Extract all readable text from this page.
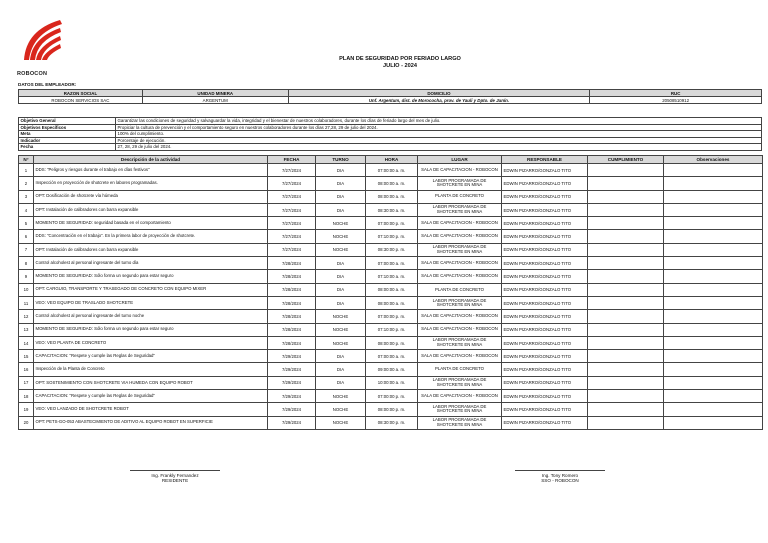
ROBOCON
PLAN DE SEGURIDAD POR FERIADO LARGO
JULIO - 2024
DATOS DEL EMPLEADOR:
RAZON SOCIAL	UNIDAD MINERA	DOMICILIO	RUC
ROBOCON SERVICIOS SAC	ARGENTUM	Unf. Argentum, dist. de Morococha, prov. de Yauli y Dpto. de Junín.	20508510912
Objetivo General	Garantizar las condiciones de seguridad y salvaguardar la vida, integridad y el bienestar de nuestros colaboradores, durante los días de feriado largo del mes de julio.
Objetivos Específicos	Propiciar la cultura de prevención y el comportamiento seguro en nuestros colaboradores durante los días 27,28, 29 de julio del 2024.
Meta	100% del cumplimiento.
Indicador	Porcentaje de ejecución.
Fecha	27, 28, 29 de julio del 2024.
N°	Descripción de la actividad	FECHA	TURNO	HORA	LUGAR	RESPONSABLE	CUMPLIMIENTO	Observaciones
1	DDS: "Peligros y riesgos durante el trabajo en días festivos"	7/27/2024	DIA	07:00:00 a. m.	SALA DE CAPACITACION - ROBOCON	EDWIN PIZARRO/GONZALO TITO		
2	Inspección en proyección de shotcrete en labores programadas.	7/27/2024	DIA	08:00:00 a. m.	LABOR PROGRAMADA DE SHOTCRETE EN MINA	EDWIN PIZARRO/GONZALO TITO		
3	OPT: Dosificación de shotcrete vía húmeda	7/27/2024	DIA	08:00:00 a. m.	PLANTA DE CONCRETO	EDWIN PIZARRO/GONZALO TITO		
4	OPT: Instalación de calibradores con barra expansible	7/27/2024	DIA	08:30:00 a. m.	LABOR PROGRAMADA DE SHOTCRETE EN MINA	EDWIN PIZARRO/GONZALO TITO		
5	MOMENTO DE SEGURIDAD: seguridad basada en el comportamiento	7/27/2024	NOCHE	07:00:00 p. m.	SALA DE CAPACITACION - ROBOCON	EDWIN PIZARRO/GONZALO TITO		
6	DDS: "Concentración en el trabajo". En la primera labor de proyección de shotcrete.	7/27/2024	NOCHE	07:10:00 p. m.	SALA DE CAPACITACION - ROBOCON	EDWIN PIZARRO/GONZALO TITO		
7	OPT: Instalación de calibradores con barra expansible	7/27/2024	NOCHE	08:30:00 p. m.	LABOR PROGRAMADA DE SHOTCRETE EN MINA	EDWIN PIZARRO/GONZALO TITO		
8	Control alcoholest al personal ingresante del turno día	7/28/2024	DIA	07:00:00 a. m.	SALA DE CAPACITACION - ROBOCON	EDWIN PIZARRO/GONZALO TITO		
9	MOMENTO DE SEGURIDAD: Sólo forma un segundo para estar seguro	7/28/2024	DIA	07:10:00 a. m.	SALA DE CAPACITACION - ROBOCON	EDWIN PIZARRO/GONZALO TITO		
10	OPT: CARGUIO, TRANSPORTE Y TRASEGADO DE CONCRETO CON EQUIPO MIXER	7/28/2024	DIA	08:00:00 a. m.	PLANTA DE CONCRETO	EDWIN PIZARRO/GONZALO TITO		
11	VEO: VEO EQUIPO DE TRASLADO SHOTCRETE	7/28/2024	DIA	08:00:00 a. m.	LABOR PROGRAMADA DE SHOTCRETE EN MINA	EDWIN PIZARRO/GONZALO TITO		
12	Control alcoholest al personal ingresante del turno noche	7/28/2024	NOCHE	07:00:00 p. m.	SALA DE CAPACITACION - ROBOCON	EDWIN PIZARRO/GONZALO TITO		
13	MOMENTO DE SEGURIDAD: Sólo forma un segundo para estar seguro	7/28/2024	NOCHE	07:10:00 p. m.	SALA DE CAPACITACION - ROBOCON	EDWIN PIZARRO/GONZALO TITO		
14	VEO: VEO PLANTA DE CONCRETO	7/28/2024	NOCHE	08:00:00 p. m.	LABOR PROGRAMADA DE SHOTCRETE EN MINA	EDWIN PIZARRO/GONZALO TITO		
15	CAPACITACION: "Respete y cumple las Reglas de Seguridad"	7/29/2024	DIA	07:00:00 a. m.	SALA DE CAPACITACION - ROBOCON	EDWIN PIZARRO/GONZALO TITO		
16	Inspección de la Planta de Concreto	7/29/2024	DIA	09:00:00 a. m.	PLANTA DE CONCRETO	EDWIN PIZARRO/GONZALO TITO		
17	OPT: SOSTENIMIENTO CON SHOTCRETE VIA HUMEDA CON EQUIPO ROBOT	7/29/2024	DIA	10:00:00 a. m.	LABOR PROGRAMADA DE SHOTCRETE EN MINA	EDWIN PIZARRO/GONZALO TITO		
18	CAPACITACION: "Respete y cumple las Reglas de Seguridad"	7/29/2024	NOCHE	07:00:00 p. m.	SALA DE CAPACITACION - ROBOCON	EDWIN PIZARRO/GONZALO TITO		
19	VEO: VEO LANZADO DE SHOTCRETE ROBOT	7/29/2024	NOCHE	08:00:00 p. m.	LABOR PROGRAMADA DE SHOTCRETE EN MINA	EDWIN PIZARRO/GONZALO TITO		
20	OPT: PETS-GO-053 ABASTECIMIENTO DE ADITIVO AL EQUIPO ROBOT EN SUPERFICIE	7/29/2024	NOCHE	08:30:00 p. m.	LABOR PROGRAMADA DE SHOTCRETE EN MINA	EDWIN PIZARRO/GONZALO TITO		
Ing. Frankly Fernandez
RESIDENTE
Ing. Tony Romero
SSO - ROBOCON
